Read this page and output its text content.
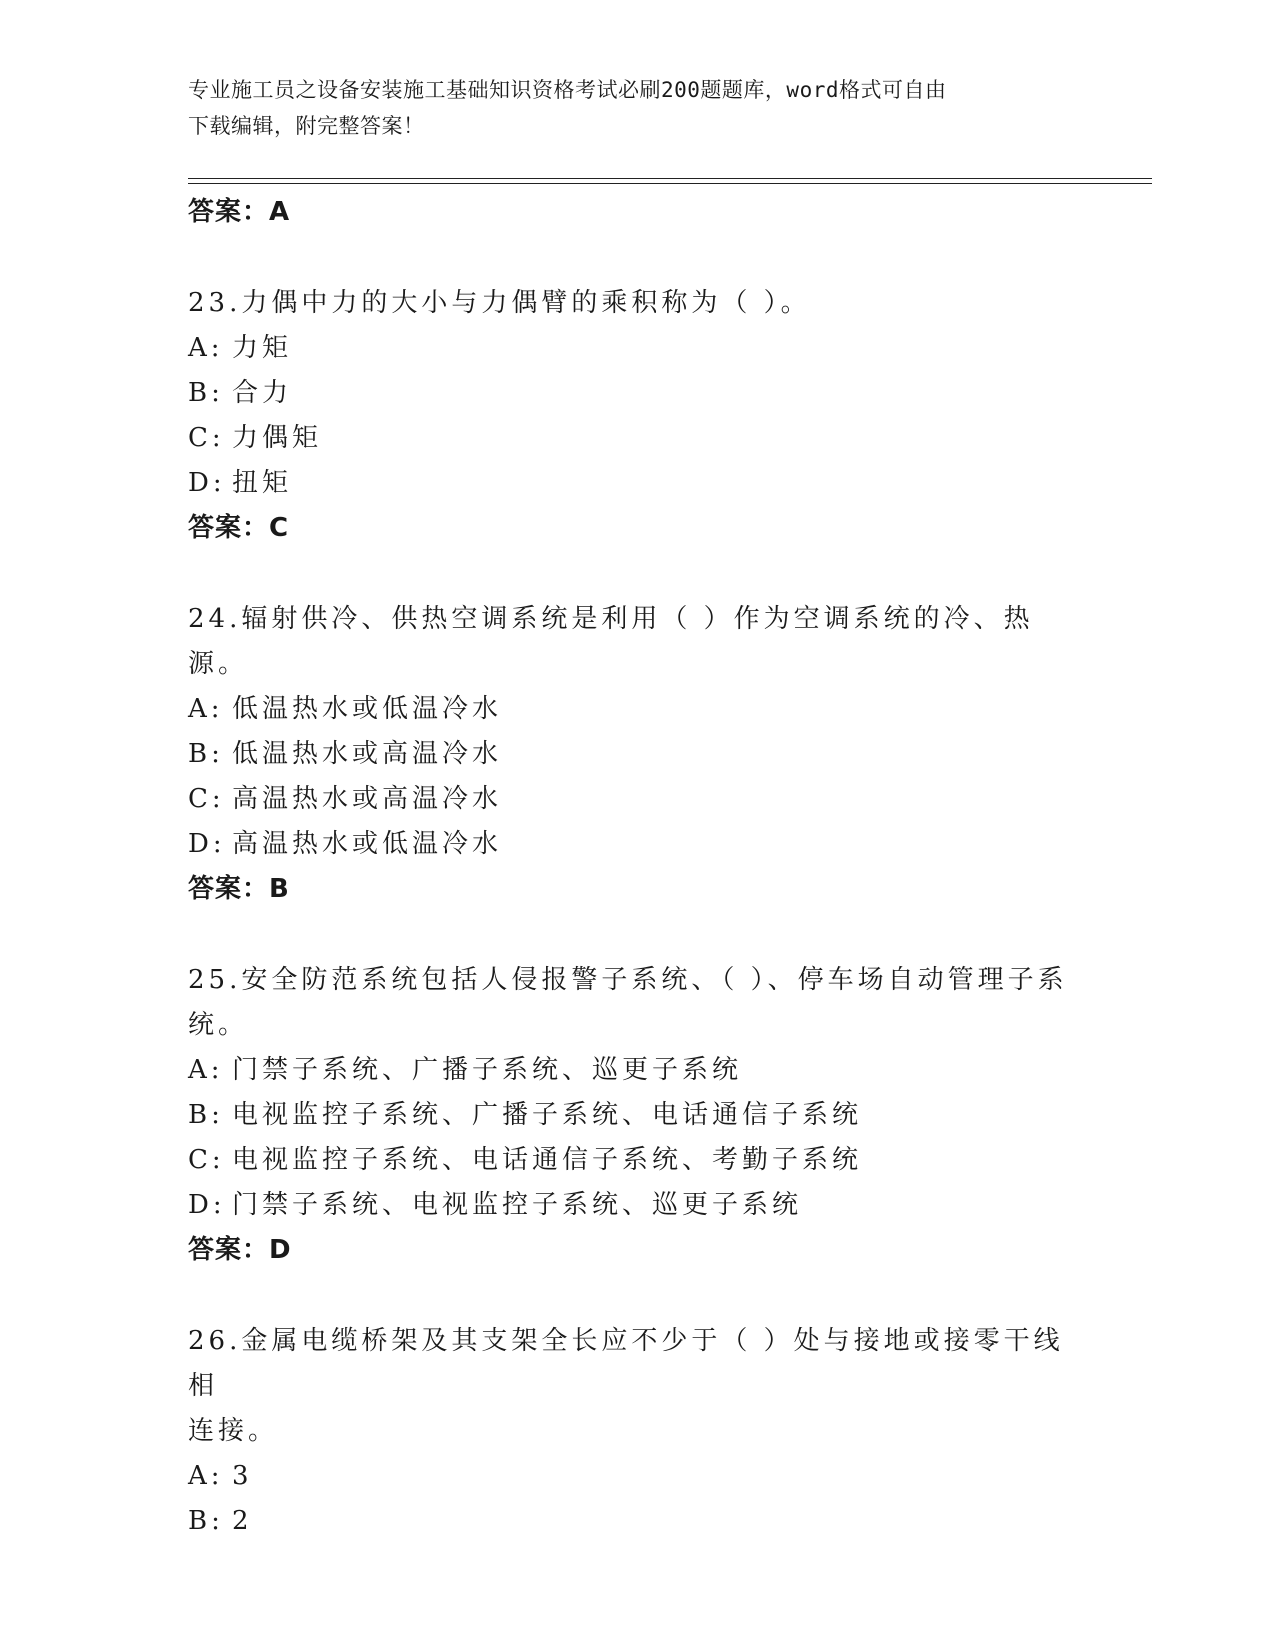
专业施工员之设备安装施工基础知识资格考试必刷200题题库，word格式可自由
下载编辑，附完整答案！
答案：A
23.力偶中力的大小与力偶臂的乘积称为（ ）。
A: 力矩
B: 合力
C: 力偶矩
D: 扭矩
答案：C
24.辐射供冷、供热空调系统是利用（ ）作为空调系统的冷、热源。
A: 低温热水或低温冷水
B: 低温热水或高温冷水
C: 高温热水或高温冷水
D: 高温热水或低温冷水
答案：B
25.安全防范系统包括人侵报警子系统、（ ）、停车场自动管理子系
统。
A: 门禁子系统、广播子系统、巡更子系统
B: 电视监控子系统、广播子系统、电话通信子系统
C: 电视监控子系统、电话通信子系统、考勤子系统
D: 门禁子系统、电视监控子系统、巡更子系统
答案：D
26.金属电缆桥架及其支架全长应不少于（ ）处与接地或接零干线相
连接。
A: 3
B: 2
